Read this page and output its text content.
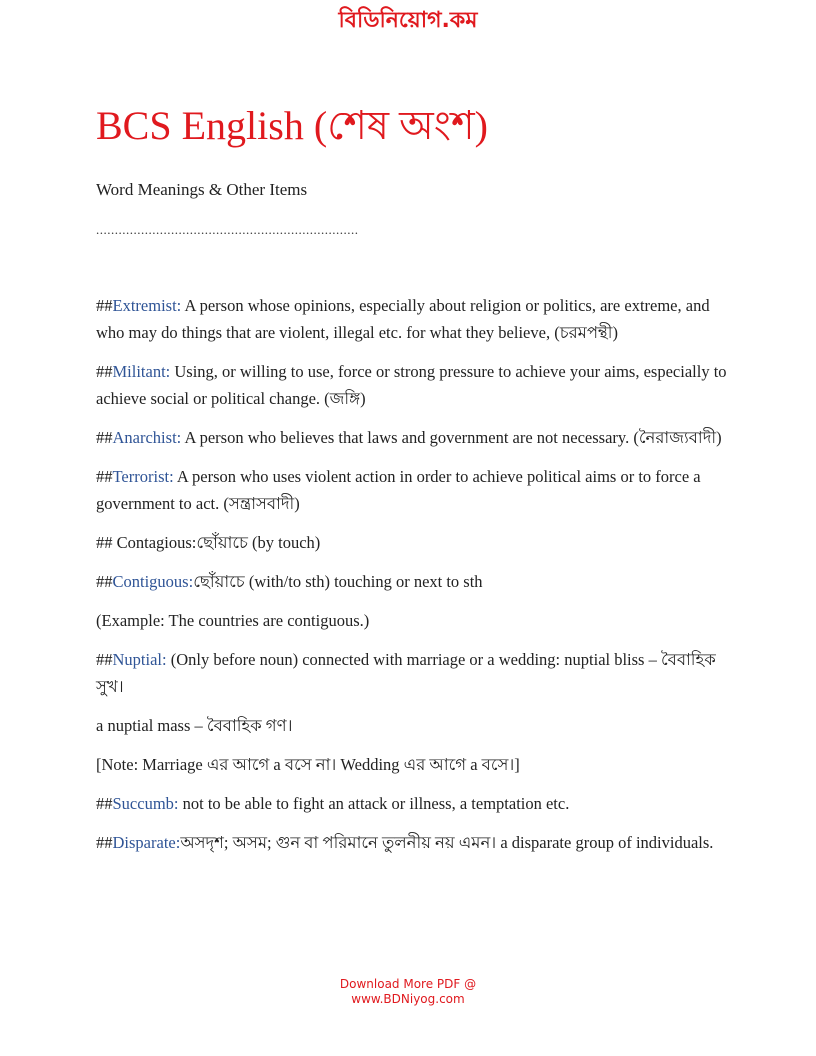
বিডিনিয়োগ.কম
BCS English (শেষ অংশ)
Word Meanings & Other Items
......................................................................

##Extremist: A person whose opinions, especially about religion or politics, are extreme, and who may do things that are violent, illegal etc. for what they believe, (চরমপন্থী)

##Militant: Using, or willing to use, force or strong pressure to achieve your aims, especially to achieve social or political change. (জঙ্গি)

##Anarchist: A person who believes that laws and government are not necessary. (নৈরাজ্যবাদী)

##Terrorist: A person who uses violent action in order to achieve political aims or to force a government to act. (সন্ত্রাসবাদী)

## Contagious:ছোঁয়াচে (by touch)

##Contiguous:ছোঁয়াচে (with/to sth) touching or next to sth

(Example: The countries are contiguous.)

##Nuptial: (Only before noun) connected with marriage or a wedding: nuptial bliss – বৈবাহিক সুখ।

a nuptial mass – বৈবাহিক গণ।

[Note: Marriage এর আগে a বসে না। Wedding এর আগে a বসে।]

##Succumb: not to be able to fight an attack or illness, a temptation etc.

##Disparate:অসদৃশ; অসম; গুন বা পরিমানে তুলনীয় নয় এমন। a disparate group of individuals.

Download More PDF @
www.BDNiyog.com
